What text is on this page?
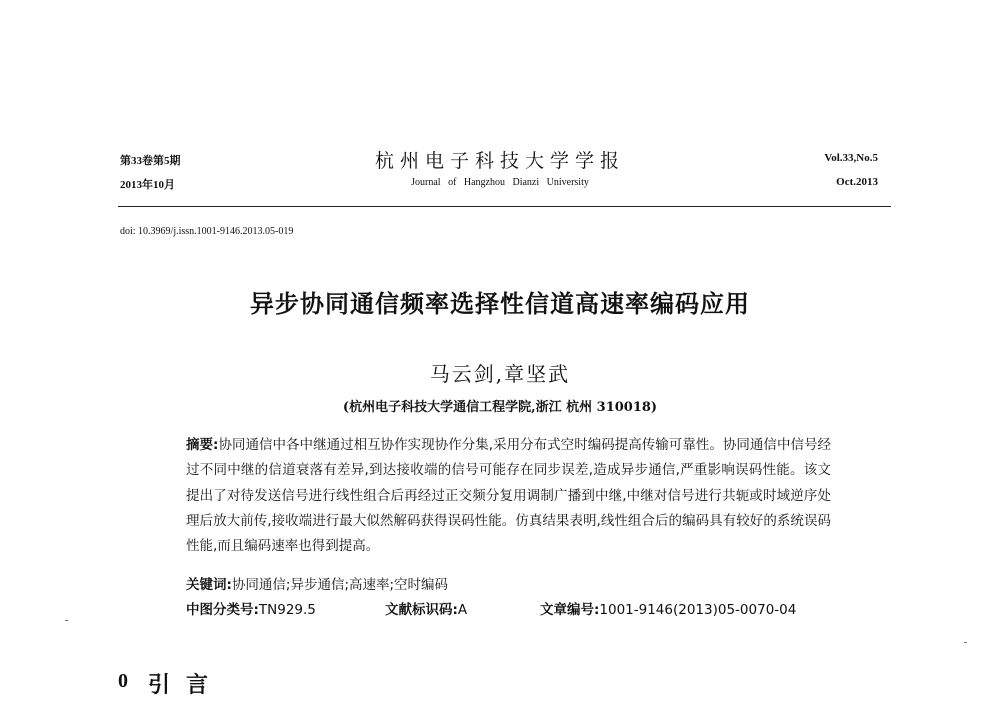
第33卷第5期
2013年10月
杭州电子科技大学学报
Journal of Hangzhou Dianzi University
Vol.33,No.5
Oct.2013
doi: 10.3969/j.issn.1001-9146.2013.05-019
异步协同通信频率选择性信道高速率编码应用
马云剑,章坚武
(杭州电子科技大学通信工程学院,浙江 杭州 310018)
摘要:协同通信中各中继通过相互协作实现协作分集,采用分布式空时编码提高传输可靠性。协同通信中信号经过不同中继的信道衰落有差异,到达接收端的信号可能存在同步误差,造成异步通信,严重影响误码性能。该文提出了对待发送信号进行线性组合后再经过正交频分复用调制广播到中继,中继对信号进行共轭或时域逆序处理后放大前传,接收端进行最大似然解码获得误码性能。仿真结果表明,线性组合后的编码具有较好的系统误码性能,而且编码速率也得到提高。
关键词:协同通信;异步通信;高速率;空时编码
中图分类号:TN929.5	文献标识码:A	文章编号:1001-9146(2013)05-0070-04
0 引言
